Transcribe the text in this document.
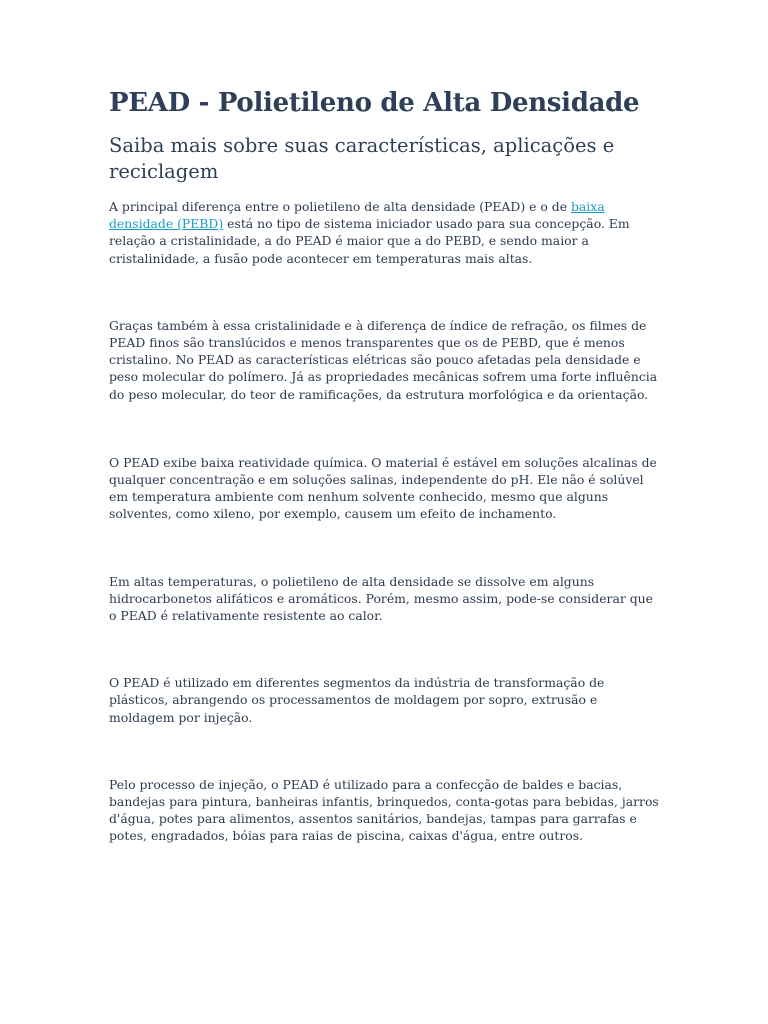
PEAD - Polietileno de Alta Densidade
Saiba mais sobre suas características, aplicações e reciclagem

A principal diferença entre o polietileno de alta densidade (PEAD) e o de baixa densidade (PEBD) está no tipo de sistema iniciador usado para sua concepção. Em relação a cristalinidade, a do PEAD é maior que a do PEBD, e sendo maior a cristalinidade, a fusão pode acontecer em temperaturas mais altas.

Graças também à essa cristalinidade e à diferença de índice de refração, os filmes de PEAD finos são translúcidos e menos transparentes que os de PEBD, que é menos cristalino. No PEAD as características elétricas são pouco afetadas pela densidade e peso molecular do polímero. Já as propriedades mecânicas sofrem uma forte influência do peso molecular, do teor de ramificações, da estrutura morfológica e da orientação.

O PEAD exibe baixa reatividade química. O material é estável em soluções alcalinas de qualquer concentração e em soluções salinas, independente do pH. Ele não é solúvel em temperatura ambiente com nenhum solvente conhecido, mesmo que alguns solventes, como xileno, por exemplo, causem um efeito de inchamento.

Em altas temperaturas, o polietileno de alta densidade se dissolve em alguns hidrocarbonetos alifáticos e aromáticos. Porém, mesmo assim, pode-se considerar que o PEAD é relativamente resistente ao calor.

O PEAD é utilizado em diferentes segmentos da indústria de transformação de plásticos, abrangendo os processamentos de moldagem por sopro, extrusão e moldagem por injeção.

Pelo processo de injeção, o PEAD é utilizado para a confecção de baldes e bacias, bandejas para pintura, banheiras infantis, brinquedos, conta-gotas para bebidas, jarros d'água, potes para alimentos, assentos sanitários, bandejas, tampas para garrafas e potes, engradados, bóias para raias de piscina, caixas d'água, entre outros.
